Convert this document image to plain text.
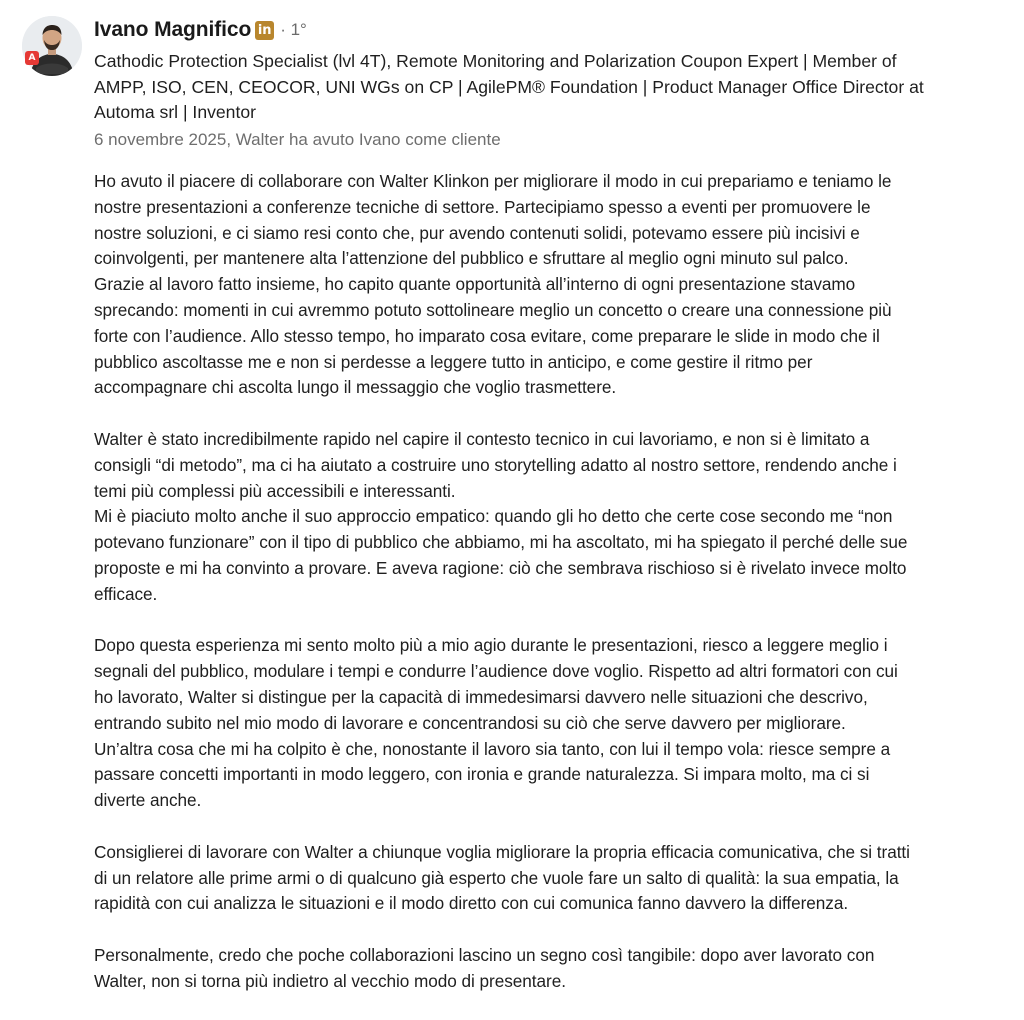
A
Ivano Magnifico in · 1°
Cathodic Protection Specialist (lvl 4T), Remote Monitoring and Polarization Coupon Expert | Member of
AMPP, ISO, CEN, CEOCOR, UNI WGs on CP | AgilePM® Foundation | Product Manager Office Director at
Automa srl | Inventor
6 novembre 2025, Walter ha avuto Ivano come cliente

Ho avuto il piacere di collaborare con Walter Klinkon per migliorare il modo in cui prepariamo e teniamo le
nostre presentazioni a conferenze tecniche di settore. Partecipiamo spesso a eventi per promuovere le
nostre soluzioni, e ci siamo resi conto che, pur avendo contenuti solidi, potevamo essere più incisivi e
coinvolgenti, per mantenere alta l’attenzione del pubblico e sfruttare al meglio ogni minuto sul palco.
Grazie al lavoro fatto insieme, ho capito quante opportunità all’interno di ogni presentazione stavamo
sprecando: momenti in cui avremmo potuto sottolineare meglio un concetto o creare una connessione più
forte con l’audience. Allo stesso tempo, ho imparato cosa evitare, come preparare le slide in modo che il
pubblico ascoltasse me e non si perdesse a leggere tutto in anticipo, e come gestire il ritmo per
accompagnare chi ascolta lungo il messaggio che voglio trasmettere.

Walter è stato incredibilmente rapido nel capire il contesto tecnico in cui lavoriamo, e non si è limitato a
consigli “di metodo”, ma ci ha aiutato a costruire uno storytelling adatto al nostro settore, rendendo anche i
temi più complessi più accessibili e interessanti.
Mi è piaciuto molto anche il suo approccio empatico: quando gli ho detto che certe cose secondo me “non
potevano funzionare” con il tipo di pubblico che abbiamo, mi ha ascoltato, mi ha spiegato il perché delle sue
proposte e mi ha convinto a provare. E aveva ragione: ciò che sembrava rischioso si è rivelato invece molto
efficace.

Dopo questa esperienza mi sento molto più a mio agio durante le presentazioni, riesco a leggere meglio i
segnali del pubblico, modulare i tempi e condurre l’audience dove voglio. Rispetto ad altri formatori con cui
ho lavorato, Walter si distingue per la capacità di immedesimarsi davvero nelle situazioni che descrivo,
entrando subito nel mio modo di lavorare e concentrandosi su ciò che serve davvero per migliorare.
Un’altra cosa che mi ha colpito è che, nonostante il lavoro sia tanto, con lui il tempo vola: riesce sempre a
passare concetti importanti in modo leggero, con ironia e grande naturalezza. Si impara molto, ma ci si
diverte anche.

Consiglierei di lavorare con Walter a chiunque voglia migliorare la propria efficacia comunicativa, che si tratti
di un relatore alle prime armi o di qualcuno già esperto che vuole fare un salto di qualità: la sua empatia, la
rapidità con cui analizza le situazioni e il modo diretto con cui comunica fanno davvero la differenza.

Personalmente, credo che poche collaborazioni lascino un segno così tangibile: dopo aver lavorato con
Walter, non si torna più indietro al vecchio modo di presentare.
